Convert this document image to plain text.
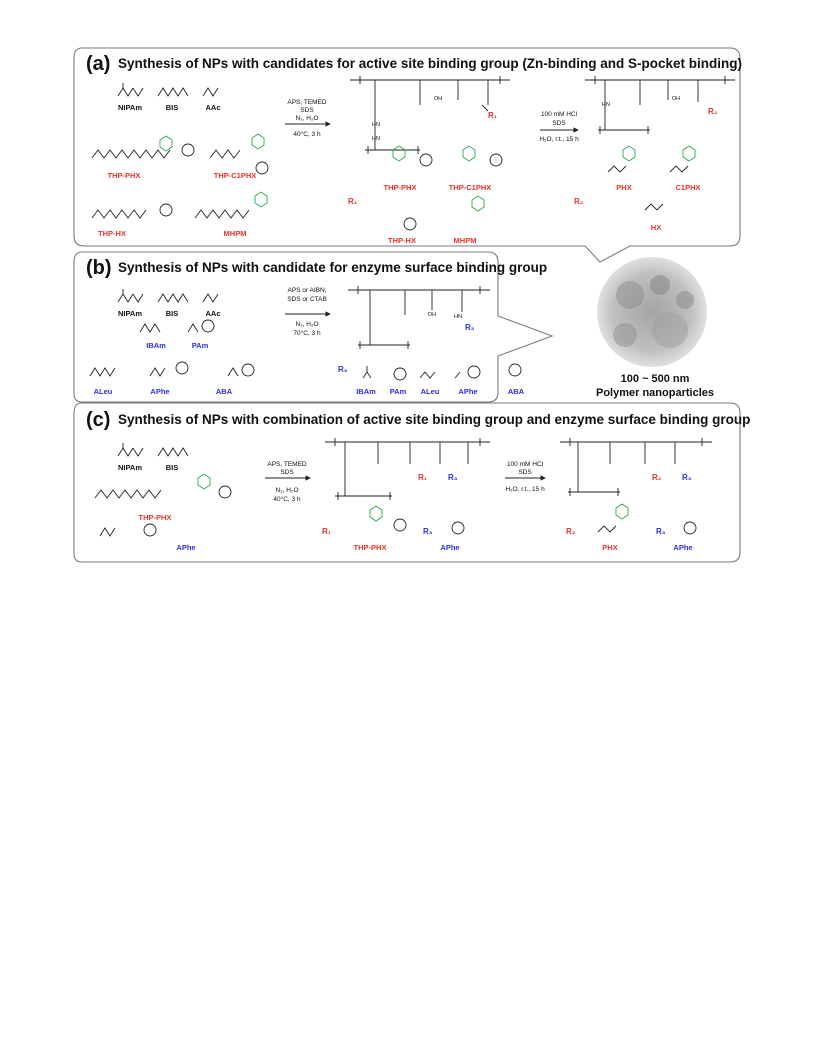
(a) Synthesis of NPs with candidates for active site binding group (Zn-binding and S-pocket binding)
NIPAm	BIS	AAc
THP-PHX	THP-C1PHX
THP-HX	MHPM
APS, TEMED
SDS
N₂, H₂O
40°C, 3 h
OH
HN
HN
R₁
R₁
THP-PHX	THP-C1PHX
THP-HX	MHPM
100 mM HCl
SDS
H₂O, r.t., 15 h
OH
HN
R₂
R₂
PHX	C1PHX
HX
(b) Synthesis of NPs with candidate for enzyme surface binding group
NIPAm	BIS	AAc
IBAm	PAm
ALeu	APhe	ABA
APS or AIBN,
SDS or CTAB
N₂, H₂O
70°C, 3 h
OH	HN
R₃
R₃
IBAm PAm ALeu	APhe	ABA
100 ~ 500 nm
Polymer nanoparticles
(c) Synthesis of NPs with combination of active site binding group and enzyme surface binding group
NIPAm	BIS
THP-PHX
APhe
APS, TEMED
SDS
N₂, H₂O
40°C, 3 h
R₁	R₃
R₁
THP-PHX
R₃
APhe
100 mM HCl
SDS
H₂O, r.t., 15 h
R₂	R₃
R₂
PHX
R₃
APhe
